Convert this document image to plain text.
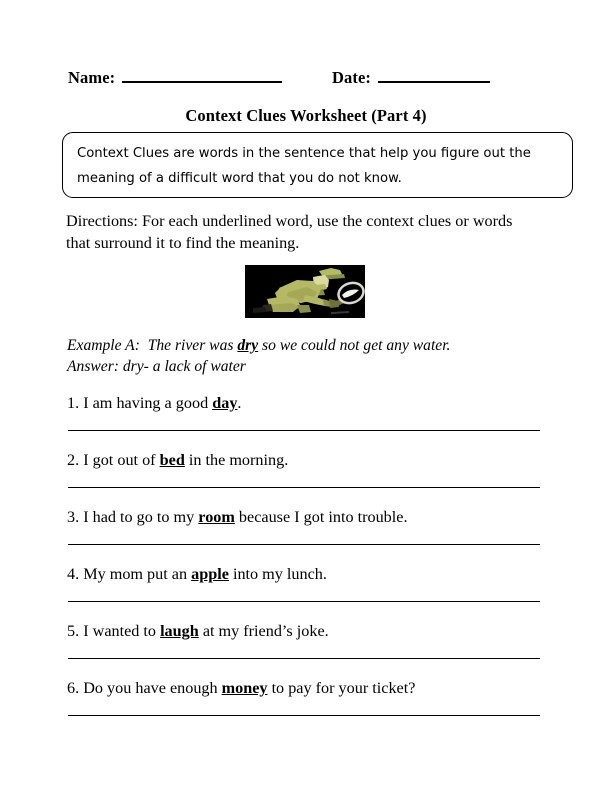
Name:	Date:
Context Clues Worksheet (Part 4)
Context Clues are words in the sentence that help you figure out the meaning of a difficult word that you do not know.
Directions: For each underlined word, use the context clues or words that surround it to find the meaning.
Example A: The river was dry so we could not get any water.
Answer: dry- a lack of water
1. I am having a good day.
2. I got out of bed in the morning.
3. I had to go to my room because I got into trouble.
4. My mom put an apple into my lunch.
5. I wanted to laugh at my friend’s joke.
6. Do you have enough money to pay for your ticket?
